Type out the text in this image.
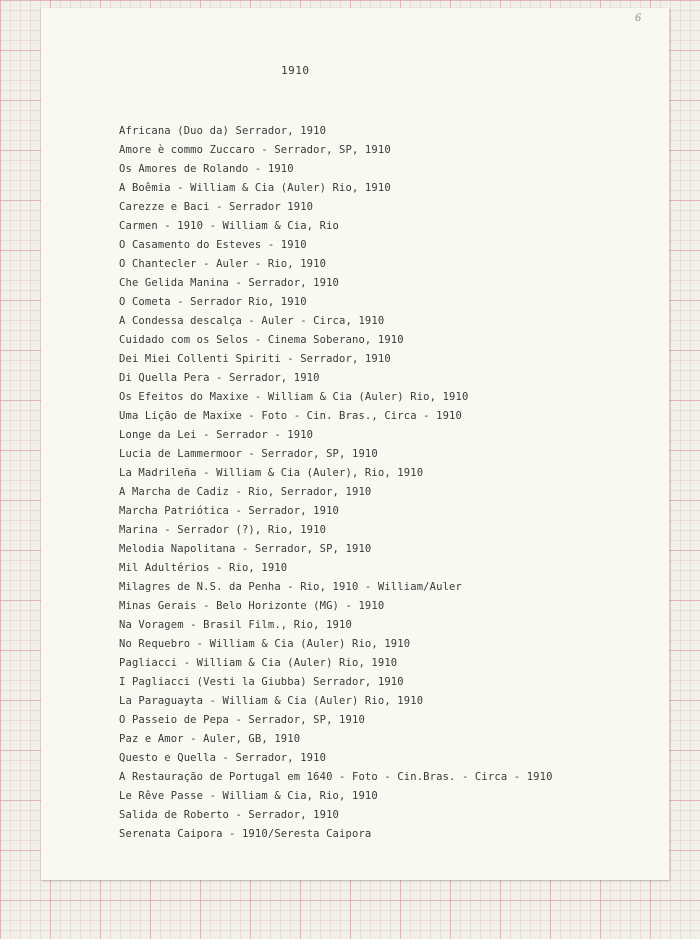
6
1910
Africana (Duo da) Serrador, 1910
Amore è commo Zuccaro - Serrador, SP, 1910
Os Amores de Rolando - 1910
A Boêmia - William & Cia (Auler) Rio, 1910
Carezze e Baci - Serrador 1910
Carmen - 1910 - William & Cia, Rio
O Casamento do Esteves - 1910
O Chantecler - Auler - Rio, 1910
Che Gelida Manina - Serrador, 1910
O Cometa - Serrador Rio, 1910
A Condessa descalça - Auler - Circa, 1910
Cuidado com os Selos - Cinema Soberano, 1910
Dei Miei Collenti Spiriti - Serrador, 1910
Di Quella Pera - Serrador, 1910
Os Efeitos do Maxixe - William & Cia (Auler) Rio, 1910
Uma Lição de Maxixe - Foto - Cin. Bras., Circa - 1910
Longe da Lei - Serrador - 1910
Lucia de Lammermoor - Serrador, SP, 1910
La Madrileña - William & Cia (Auler), Rio, 1910
A Marcha de Cadiz - Rio, Serrador, 1910
Marcha Patriótica - Serrador, 1910
Marina - Serrador (?), Rio, 1910
Melodia Napolitana - Serrador, SP, 1910
Mil Adultérios - Rio, 1910
Milagres de N.S. da Penha - Rio, 1910 - William/Auler
Minas Gerais - Belo Horizonte (MG) - 1910
Na Voragem - Brasil Film., Rio, 1910
No Requebro - William & Cia (Auler) Rio, 1910
Pagliacci - William & Cia (Auler) Rio, 1910
I Pagliacci (Vesti la Giubba) Serrador, 1910
La Paraguayta - William & Cia (Auler) Rio, 1910
O Passeio de Pepa - Serrador, SP, 1910
Paz e Amor - Auler, GB, 1910
Questo e Quella - Serrador, 1910
A Restauração de Portugal em 1640 - Foto - Cin.Bras. - Circa - 1910
Le Rêve Passe - William & Cia, Rio, 1910
Salida de Roberto - Serrador, 1910
Serenata Caipora - 1910/Seresta Caipora
